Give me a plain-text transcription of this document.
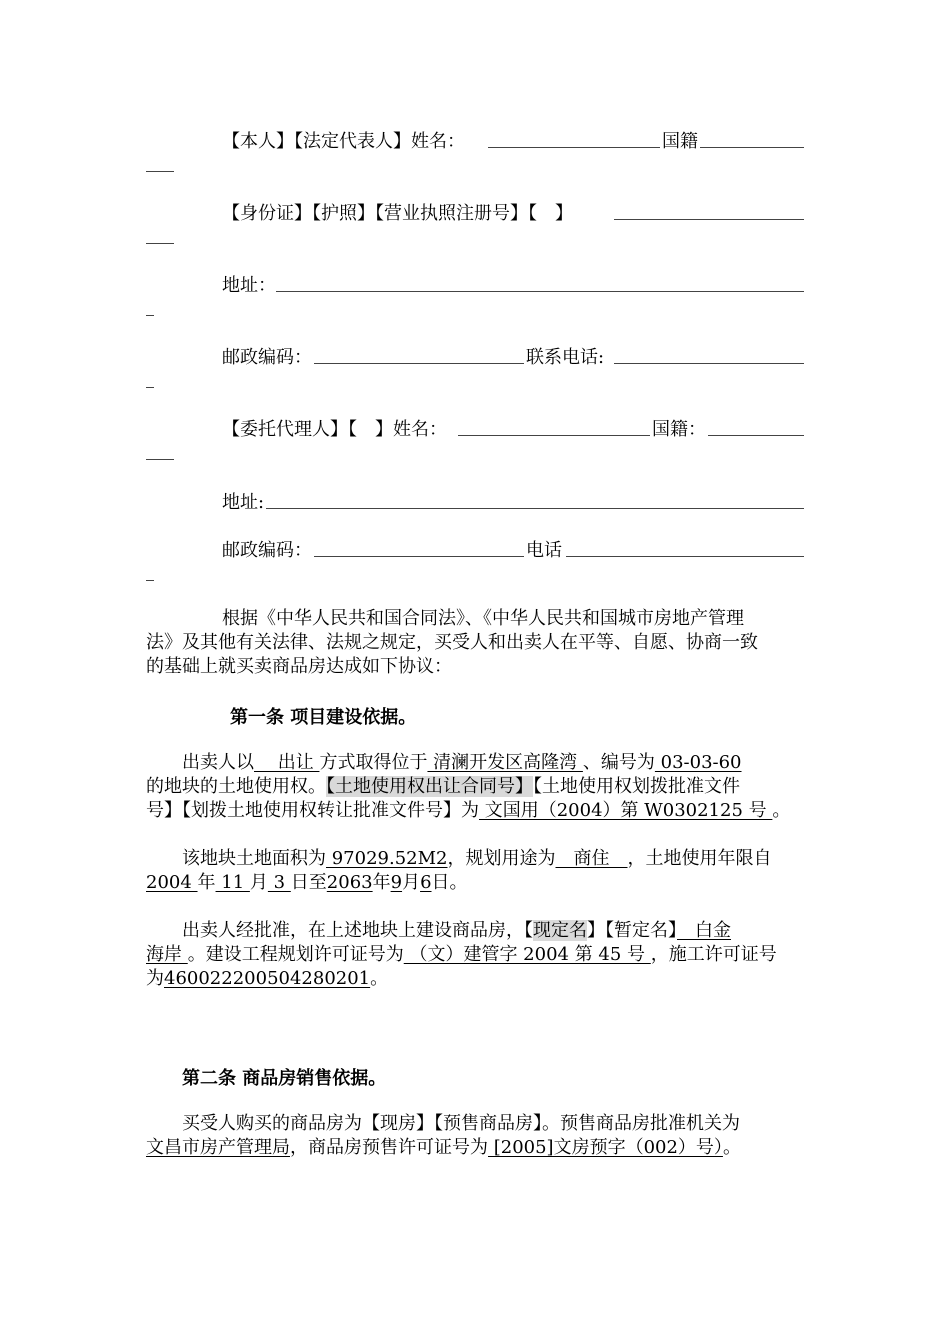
【本人】【法定代表人】姓名：	国籍
【身份证】【护照】【营业执照注册号】【　】
地址：
邮政编码：	联系电话:
【委托代理人】【　】姓名：	国籍：
地址:
邮政编码：	电话
根据《中华人民共和国合同法》、《中华人民共和国城市房地产管理
法》及其他有关法律、法规之规定，买受人和出卖人在平等、自愿、协商一致
的基础上就买卖商品房达成如下协议：
第一条 项目建设依据。
出卖人以　 出让 方式取得位于 清澜开发区高隆湾 、编号为 03-03-60
的地块的土地使用权。【土地使用权出让合同号】【土地使用权划拨批准文件
号】【划拨土地使用权转让批准文件号】为 文国用（2004）第 W0302125 号 。
该地块土地面积为 97029.52M2，规划用途为　商住　，土地使用年限自
2004 年 11 月 3 日至2063年9月6日。
出卖人经批准，在上述地块上建设商品房，【现定名】【暂定名】　白金
海岸 。建设工程规划许可证号为 （文）建管字 2004 第 45 号 ，施工许可证号
为460022200504280201。
第二条 商品房销售依据。
买受人购买的商品房为【现房】【预售商品房】。预售商品房批准机关为
文昌市房产管理局，商品房预售许可证号为 [2005]文房预字（002）号）。
